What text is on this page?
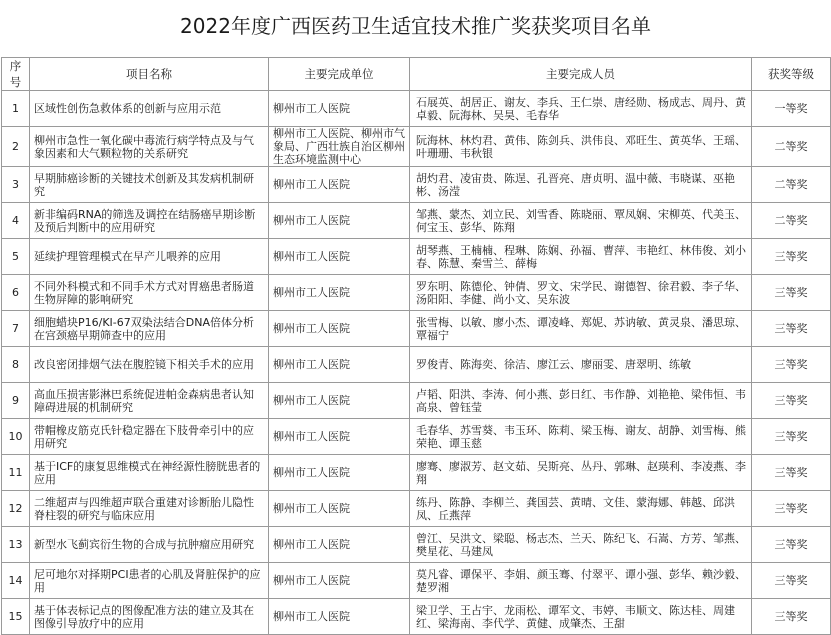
2022年度广西医药卫生适宜技术推广奖获奖项目名单
序号	项目名称	主要完成单位	主要完成人员	获奖等级
1	区域性创伤急救体系的创新与应用示范	柳州市工人医院	石展英、胡居正、谢友、李兵、王仁崇、唐经勋、杨成志、周丹、黄卓毅、阮海林、吴昊、毛春华	一等奖
2	柳州市急性一氧化碳中毒流行病学特点及与气象因素和大气颗粒物的关系研究	柳州市工人医院、柳州市气象局、广西壮族自治区柳州生态环境监测中心	阮海林、林灼君、黄伟、陈剑兵、洪伟良、邓旺生、黄英华、王瑶、叶珊珊、韦秋银	二等奖
3	早期肺癌诊断的关键技术创新及其发病机制研究	柳州市工人医院	胡灼君、凌宙贵、陈逞、孔晋亮、唐贞明、温中薇、韦晓谋、巫艳彬、汤滢	二等奖
4	新非编码RNA的筛选及调控在结肠癌早期诊断及预后判断中的应用研究	柳州市工人医院	邹燕、蒙杰、刘立民、刘雪香、陈晓丽、覃凤娴、宋柳英、代美玉、何宝玉、彭华、陈翔	二等奖
5	延续护理管理模式在早产儿喂养的应用	柳州市工人医院	胡琴燕、王楠楠、程琳、陈娴、孙福、曹萍、韦艳红、林伟俊、刘小春、陈慧、秦雪兰、薛梅	三等奖
6	不同外科模式和不同手术方式对胃癌患者肠道生物屏障的影响研究	柳州市工人医院	罗东明、陈德伦、钟倩、罗文、宋学民、谢德智、徐君毅、李子华、汤阳阳、李健、尚小文、吴东波	三等奖
7	细胞蜡块P16/KI-67双染法结合DNA倍体分析在宫颈癌早期筛查中的应用	柳州市工人医院	张雪梅、以敏、廖小杰、谭凌峰、郑妮、苏讷敏、黄灵泉、潘思琼、覃福宁	三等奖
8	改良密闭排烟气法在腹腔镜下相关手术的应用	柳州市工人医院	罗俊青、陈海奕、徐洁、廖江云、廖丽雯、唐翠明、练敏	三等奖
9	高血压损害影淋巴系统促进帕金森病患者认知障碍进展的机制研究	柳州市工人医院	卢韬、阳洪、李涛、何小燕、彭日红、韦作静、刘艳艳、梁伟恒、韦高泉、曾钰莹	三等奖
10	带帽橡皮筋克氏针稳定器在下肢骨牵引中的应用研究	柳州市工人医院	毛春华、苏雪葵、韦玉环、陈莉、梁玉梅、谢友、胡静、刘雪梅、熊荣艳、谭玉慈	三等奖
11	基于ICF的康复思维模式在神经源性膀胱患者的应用	柳州市工人医院	廖骞、廖淑芳、赵文茹、吴斯亮、丛丹、郭琳、赵瑛利、李凌燕、李翔	三等奖
12	二维超声与四维超声联合重建对诊断胎儿隐性脊柱裂的研究与临床应用	柳州市工人医院	练丹、陈静、李柳兰、龚国芸、黄晴、文佳、蒙海娜、韩越、邱洪凤、丘燕萍	三等奖
13	新型水飞蓟宾衍生物的合成与抗肿瘤应用研究	柳州市工人医院	曾江、吴洪文、梁聪、杨志杰、兰天、陈纪飞、石嵩、方芳、邹燕、樊星花、马建凤	三等奖
14	尼可地尔对择期PCI患者的心肌及肾脏保护的应用	柳州市工人医院	莫凡睿、谭保平、李娟、颜玉骞、付翠平、谭小强、彭华、赖沙毅、楚罗湘	三等奖
15	基于体表标记点的图像配准方法的建立及其在图像引导放疗中的应用	柳州市工人医院	梁卫学、王占宇、龙雨松、谭军文、韦婷、韦顺文、陈达桂、周建红、梁海南、李代学、黄健、成肇杰、王甜	三等奖
